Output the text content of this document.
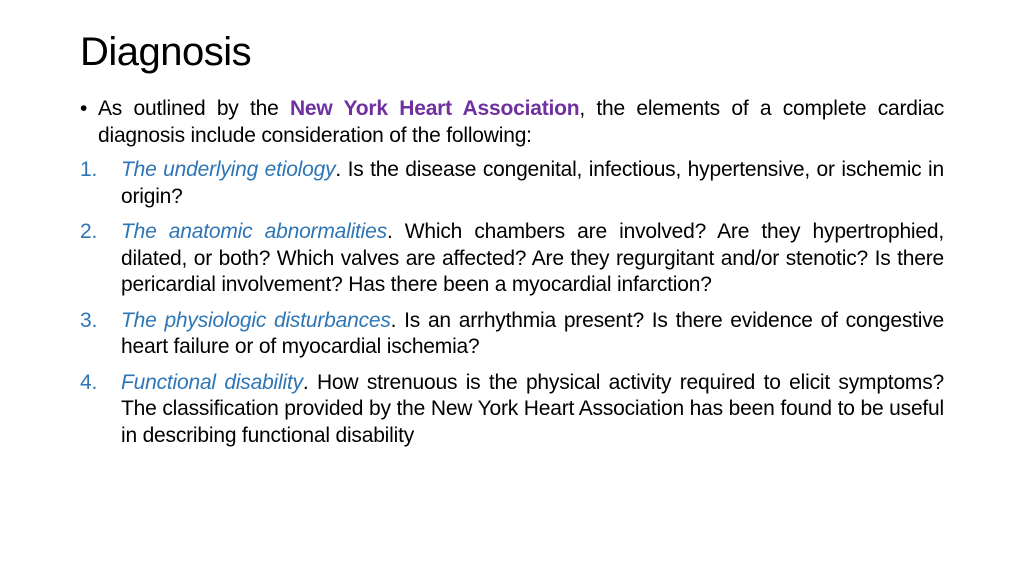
Diagnosis

• As outlined by the New York Heart Association, the elements of a complete cardiac diagnosis include consideration of the following:

1. The underlying etiology. Is the disease congenital, infectious, hypertensive, or ischemic in origin?

2. The anatomic abnormalities. Which chambers are involved? Are they hypertrophied, dilated, or both? Which valves are affected? Are they regurgitant and/or stenotic? Is there pericardial involvement? Has there been a myocardial infarction?

3. The physiologic disturbances. Is an arrhythmia present? Is there evidence of congestive heart failure or of myocardial ischemia?

4. Functional disability. How strenuous is the physical activity required to elicit symptoms? The classification provided by the New York Heart Association has been found to be useful in describing functional disability
